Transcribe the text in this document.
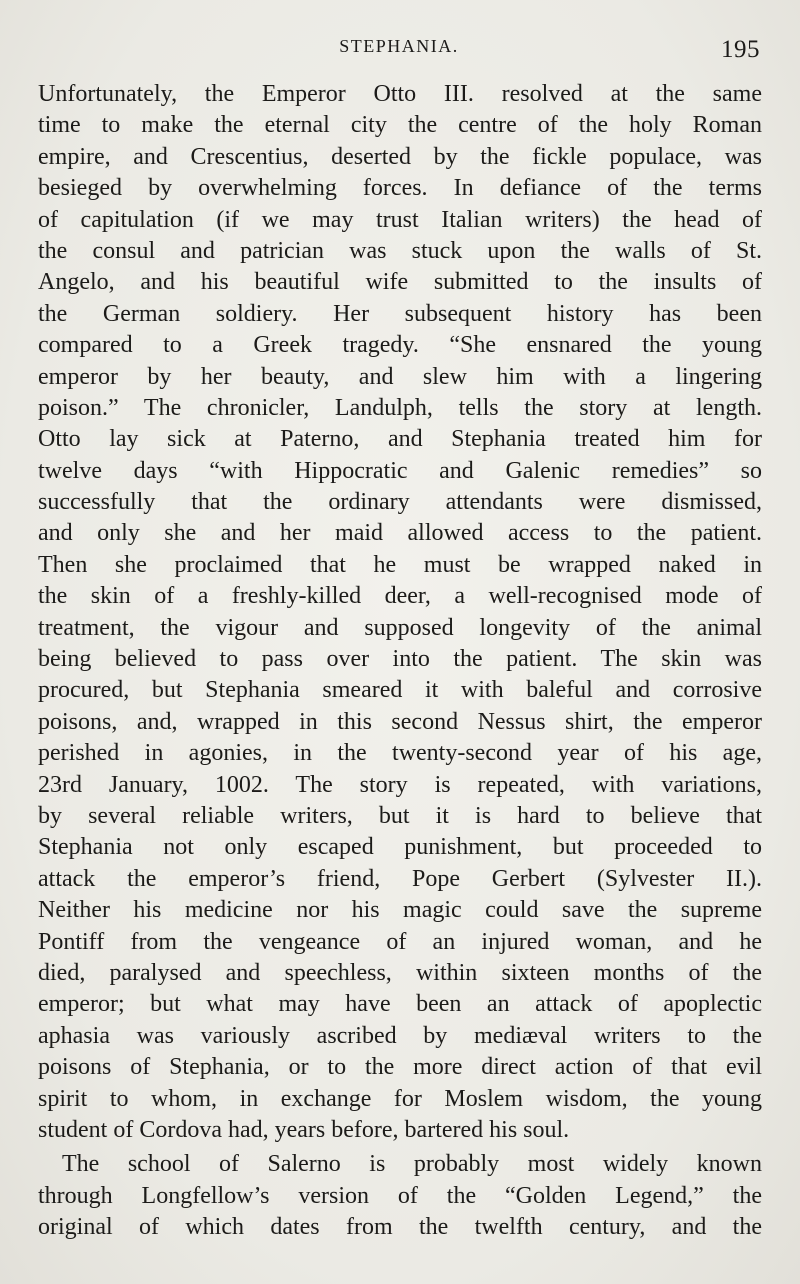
STEPHANIA.	195
Unfortunately, the Emperor Otto III. resolved at the same
time to make the eternal city the centre of the holy Roman
empire, and Crescentius, deserted by the fickle populace, was
besieged by overwhelming forces. In defiance of the terms
of capitulation (if we may trust Italian writers) the head of
the consul and patrician was stuck upon the walls of St.
Angelo, and his beautiful wife submitted to the insults of
the German soldiery. Her subsequent history has been
compared to a Greek tragedy. “She ensnared the young
emperor by her beauty, and slew him with a lingering
poison.” The chronicler, Landulph, tells the story at length.
Otto lay sick at Paterno, and Stephania treated him for
twelve days “with Hippocratic and Galenic remedies” so
successfully that the ordinary attendants were dismissed,
and only she and her maid allowed access to the patient.
Then she proclaimed that he must be wrapped naked in
the skin of a freshly-killed deer, a well-recognised mode of
treatment, the vigour and supposed longevity of the animal
being believed to pass over into the patient. The skin was
procured, but Stephania smeared it with baleful and corrosive
poisons, and, wrapped in this second Nessus shirt, the emperor
perished in agonies, in the twenty-second year of his age,
23rd January, 1002. The story is repeated, with variations,
by several reliable writers, but it is hard to believe that
Stephania not only escaped punishment, but proceeded to
attack the emperor’s friend, Pope Gerbert (Sylvester II.).
Neither his medicine nor his magic could save the supreme
Pontiff from the vengeance of an injured woman, and he
died, paralysed and speechless, within sixteen months of the
emperor; but what may have been an attack of apoplectic
aphasia was variously ascribed by mediæval writers to the
poisons of Stephania, or to the more direct action of that evil
spirit to whom, in exchange for Moslem wisdom, the young
student of Cordova had, years before, bartered his soul.
The school of Salerno is probably most widely known
through Longfellow’s version of the “Golden Legend,” the
original of which dates from the twelfth century, and the
